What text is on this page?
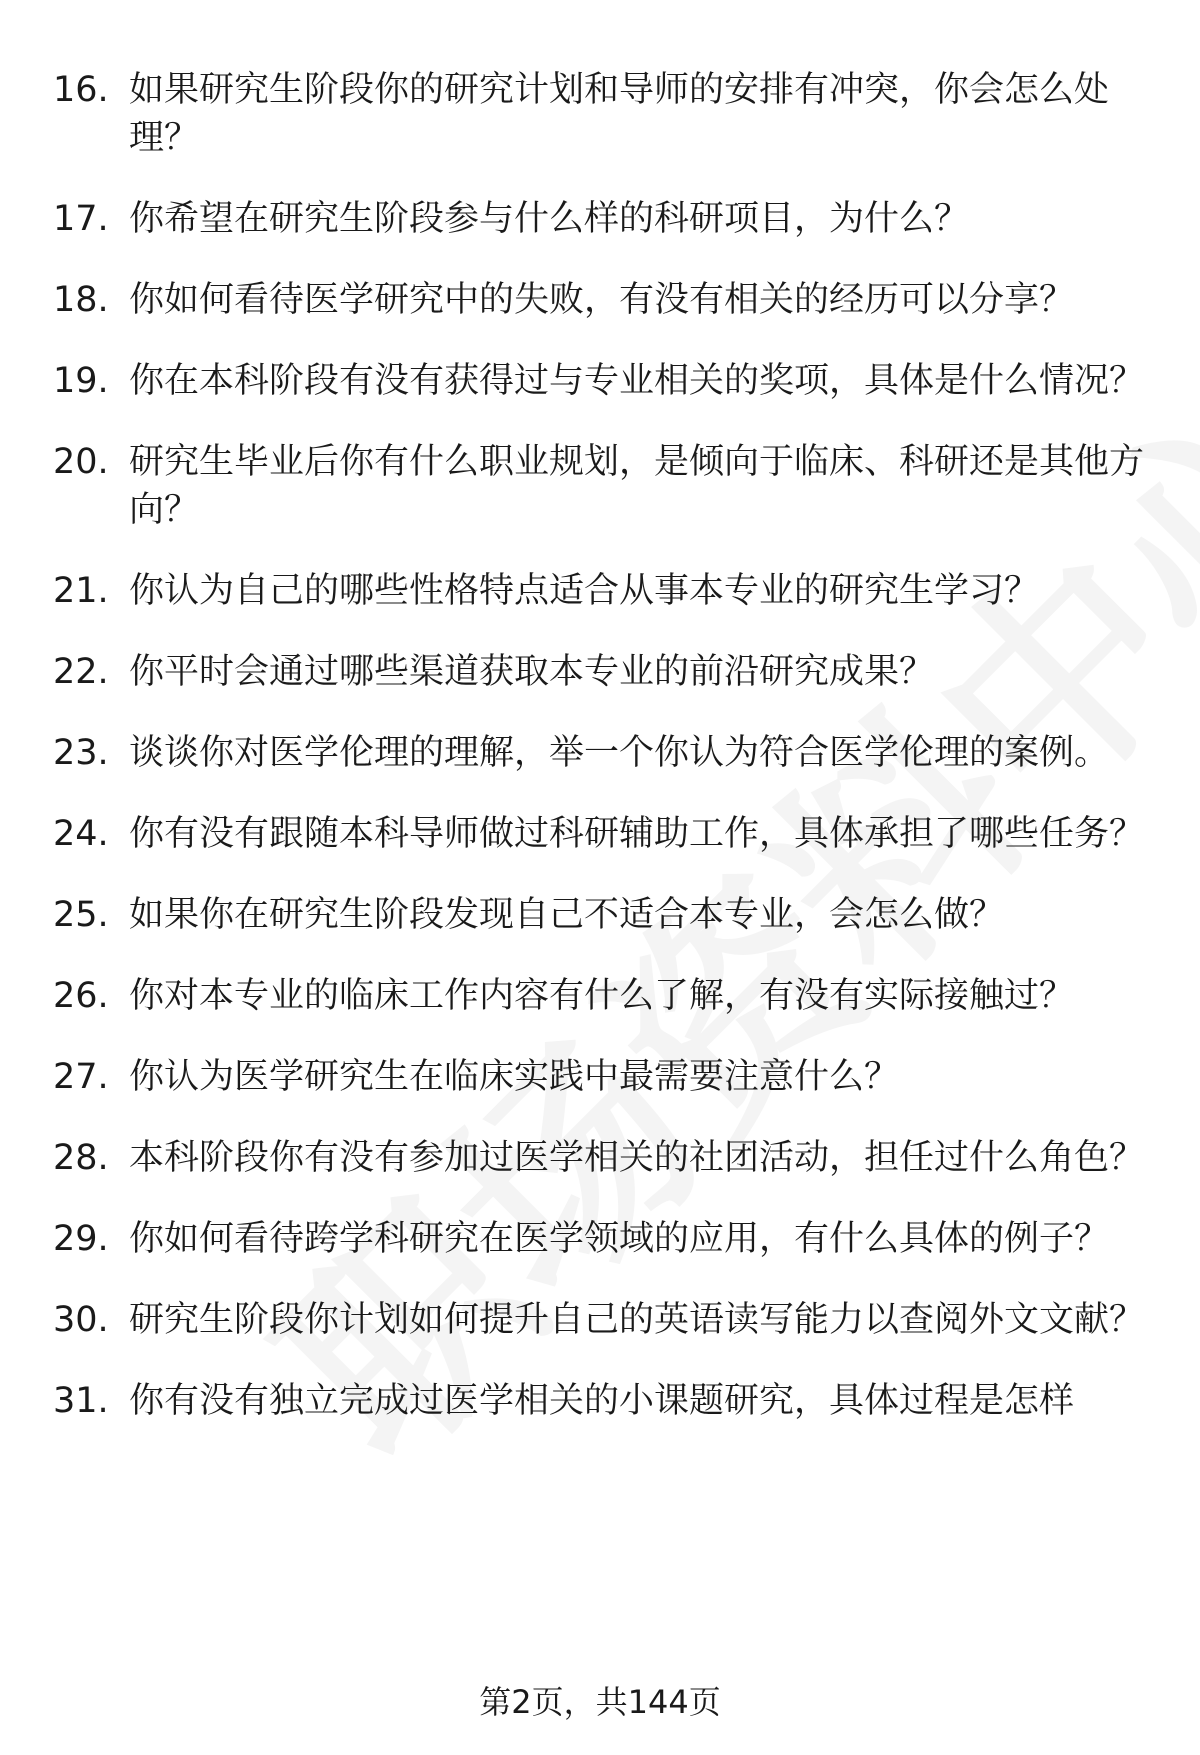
16. 如果研究生阶段你的研究计划和导师的安排有冲突，你会怎么处理？
17. 你希望在研究生阶段参与什么样的科研项目，为什么？
18. 你如何看待医学研究中的失败，有没有相关的经历可以分享？
19. 你在本科阶段有没有获得过与专业相关的奖项，具体是什么情况？
20. 研究生毕业后你有什么职业规划，是倾向于临床、科研还是其他方向？
21. 你认为自己的哪些性格特点适合从事本专业的研究生学习？
22. 你平时会通过哪些渠道获取本专业的前沿研究成果？
23. 谈谈你对医学伦理的理解，举一个你认为符合医学伦理的案例。
24. 你有没有跟随本科导师做过科研辅助工作，具体承担了哪些任务？
25. 如果你在研究生阶段发现自己不适合本专业，会怎么做？
26. 你对本专业的临床工作内容有什么了解，有没有实际接触过？
27. 你认为医学研究生在临床实践中最需要注意什么？
28. 本科阶段你有没有参加过医学相关的社团活动，担任过什么角色？
29. 你如何看待跨学科研究在医学领域的应用，有什么具体的例子？
30. 研究生阶段你计划如何提升自己的英语读写能力以查阅外文文献？
31. 你有没有独立完成过医学相关的小课题研究，具体过程是怎样
第2页，共144页
